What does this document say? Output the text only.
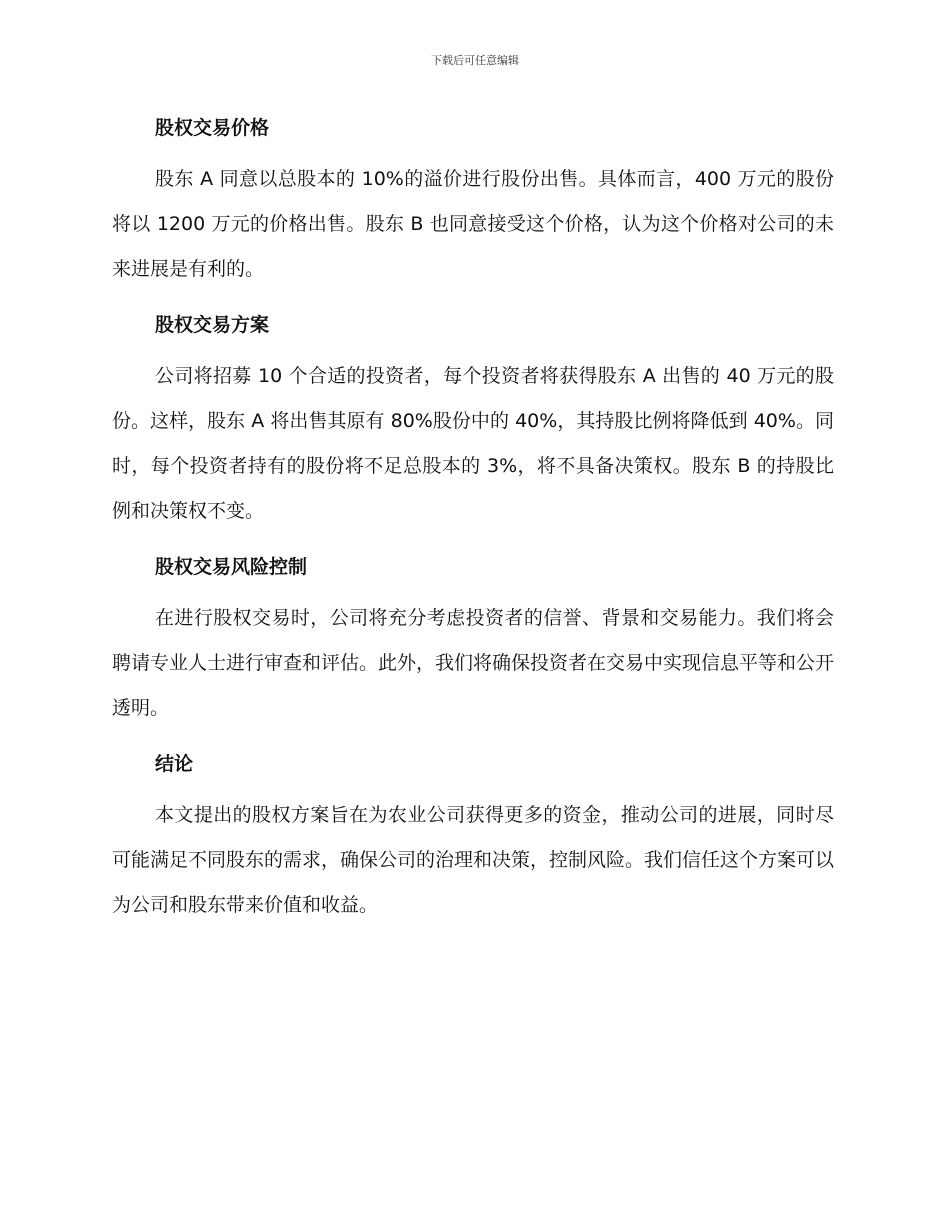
下载后可任意编辑
股权交易价格

股东 A 同意以总股本的 10%的溢价进行股份出售。具体而言，400 万元的股份将以 1200 万元的价格出售。股东 B 也同意接受这个价格，认为这个价格对公司的未来进展是有利的。

股权交易方案

公司将招募 10 个合适的投资者，每个投资者将获得股东 A 出售的 40 万元的股份。这样，股东 A 将出售其原有 80%股份中的 40%，其持股比例将降低到 40%。同时，每个投资者持有的股份将不足总股本的 3%，将不具备决策权。股东 B 的持股比例和决策权不变。

股权交易风险控制

在进行股权交易时，公司将充分考虑投资者的信誉、背景和交易能力。我们将会聘请专业人士进行审查和评估。此外，我们将确保投资者在交易中实现信息平等和公开透明。

结论

本文提出的股权方案旨在为农业公司获得更多的资金，推动公司的进展，同时尽可能满足不同股东的需求，确保公司的治理和决策，控制风险。我们信任这个方案可以为公司和股东带来价值和收益。
